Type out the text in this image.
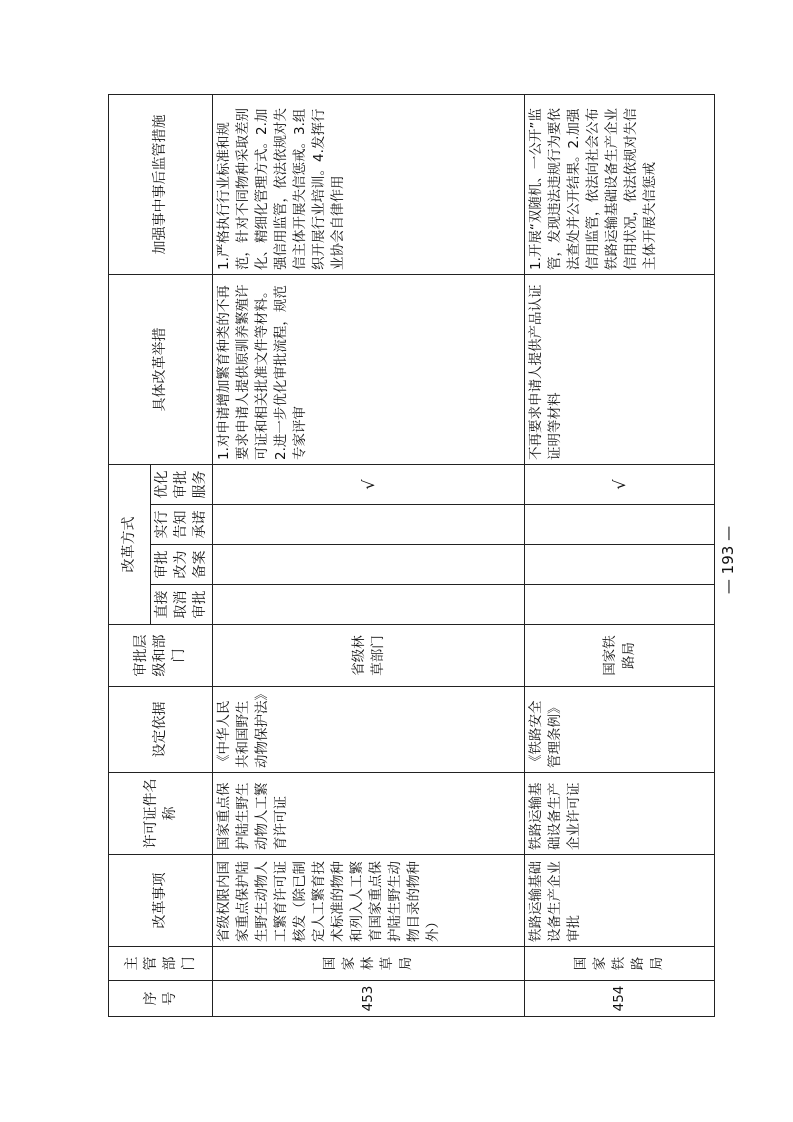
序号	主管部门	改革事项	许可证件名称	设定依据	审批层级和部门	改革方式				具体改革举措	加强事中事后监管措施
						直接取消审批	审批改为备案	实行告知承诺	优化审批服务		
453	国家林草局	省级权限内国家重点保护陆生野生动物人工繁育许可证核发（除已制定人工繁育技术标准的物种和列入人工繁育国家重点保护陆生野生动物目录的物种外）	国家重点保护陆生野生动物人工繁育许可证	《中华人民共和国野生动物保护法》	省级林草部门				√	1.对申请增加繁育种类的不再要求申请人提供原驯养繁殖许可证和相关批准文件等材料。2.进一步优化审批流程，规范专家评审	1.严格执行行业标准和规范，针对不同物种采取差别化、精细化管理方式。2.加强信用监管，依法依规对失信主体开展失信惩戒。3.组织开展行业培训。4.发挥行业协会自律作用
454	国家铁路局	铁路运输基础设备生产企业审批	铁路运输基础设备生产企业许可证	《铁路安全管理条例》	国家铁路局				√	不再要求申请人提供产品认证证明等材料	1.开展“双随机、一公开”监管，发现违法违规行为要依法查处并公开结果。2.加强信用监管，依法向社会公布铁路运输基础设备生产企业信用状况，依法依规对失信主体开展失信惩戒
— 193 —
